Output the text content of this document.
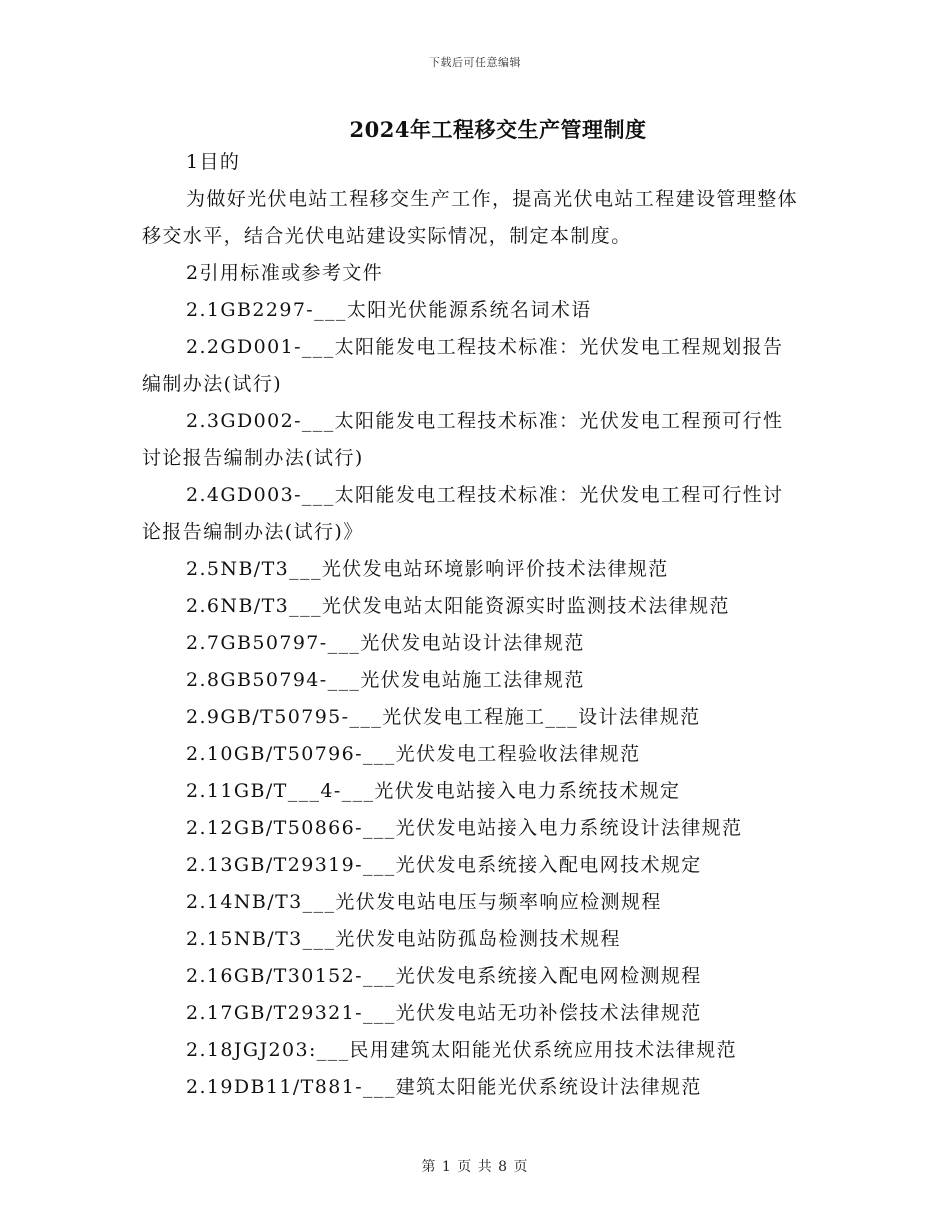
下载后可任意编辑
2024年工程移交生产管理制度

1目的

为做好光伏电站工程移交生产工作，提高光伏电站工程建设管理整体移交水平，结合光伏电站建设实际情况，制定本制度。

2引用标准或参考文件

2.1GB2297-___太阳光伏能源系统名词术语

2.2GD001-___太阳能发电工程技术标准：光伏发电工程规划报告编制办法(试行)

2.3GD002-___太阳能发电工程技术标准：光伏发电工程预可行性讨论报告编制办法(试行)

2.4GD003-___太阳能发电工程技术标准：光伏发电工程可行性讨论报告编制办法(试行)》

2.5NB/T3___光伏发电站环境影响评价技术法律规范

2.6NB/T3___光伏发电站太阳能资源实时监测技术法律规范

2.7GB50797-___光伏发电站设计法律规范

2.8GB50794-___光伏发电站施工法律规范

2.9GB/T50795-___光伏发电工程施工___设计法律规范

2.10GB/T50796-___光伏发电工程验收法律规范

2.11GB/T___4-___光伏发电站接入电力系统技术规定

2.12GB/T50866-___光伏发电站接入电力系统设计法律规范

2.13GB/T29319-___光伏发电系统接入配电网技术规定

2.14NB/T3___光伏发电站电压与频率响应检测规程

2.15NB/T3___光伏发电站防孤岛检测技术规程

2.16GB/T30152-___光伏发电系统接入配电网检测规程

2.17GB/T29321-___光伏发电站无功补偿技术法律规范

2.18JGJ203:___民用建筑太阳能光伏系统应用技术法律规范

2.19DB11/T881-___建筑太阳能光伏系统设计法律规范

第 1 页 共 8 页
